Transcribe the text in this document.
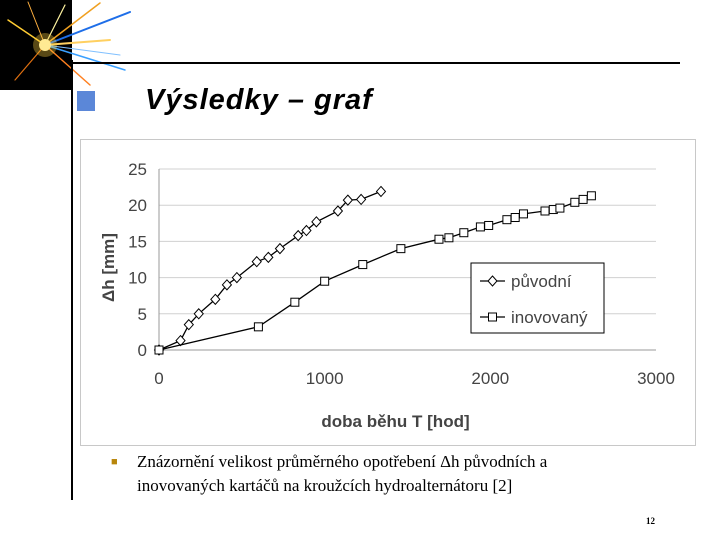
Výsledky – graf
0
5
10
15
20
25
0	1000	2000	3000
doba běhu T [hod]
Δh [mm]	původní
inovovaný
■ Znázornění velikost průměrného opotřebení Δh původních a
inovovaných kartáčů na kroužcích hydroalternátoru [2]
12
